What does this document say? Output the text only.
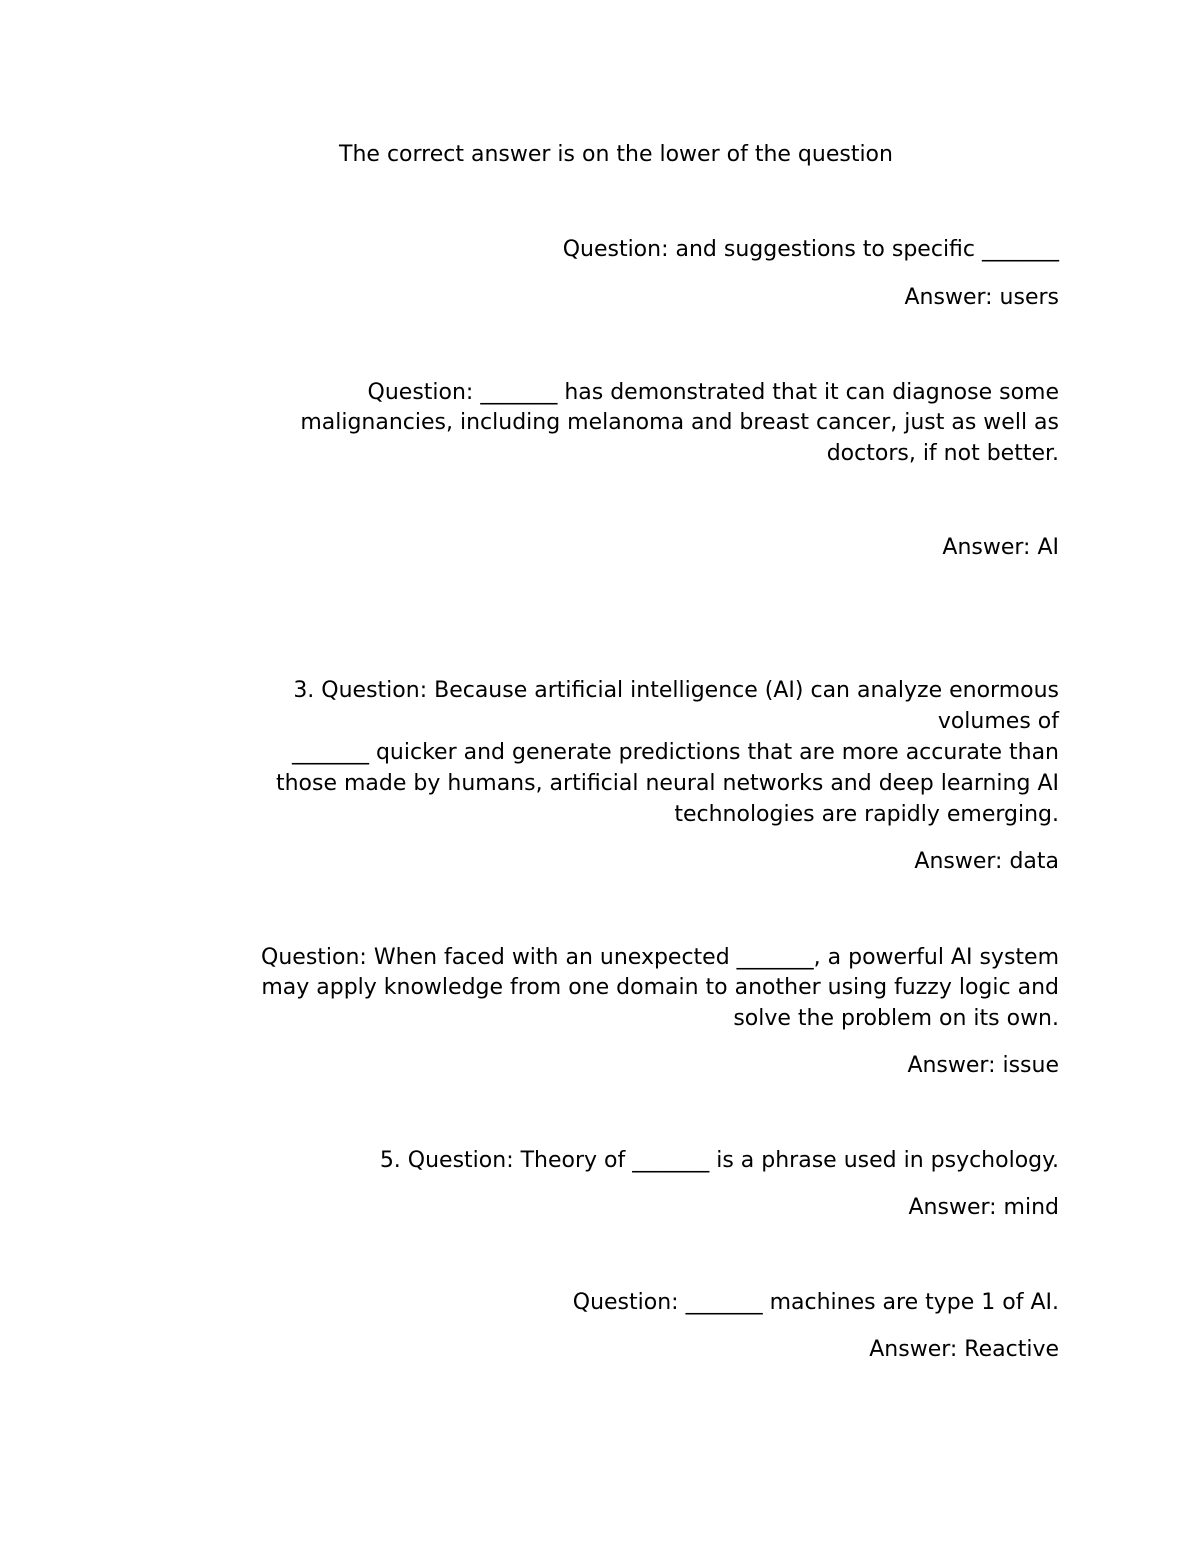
The correct answer is on the lower of the question

Question: and suggestions to specific _______

Answer: users

Question: _______ has demonstrated that it can diagnose some

malignancies, including melanoma and breast cancer, just as well as

doctors, if not better.

Answer: AI

3. Question: Because artificial intelligence (AI) can analyze enormous

volumes of

_______ quicker and generate predictions that are more accurate than

those made by humans, artificial neural networks and deep learning AI

technologies are rapidly emerging.

Answer: data

Question: When faced with an unexpected _______, a powerful AI system

may apply knowledge from one domain to another using fuzzy logic and

solve the problem on its own.

Answer: issue

5. Question: Theory of _______ is a phrase used in psychology.

Answer: mind

Question: _______ machines are type 1 of AI.

Answer: Reactive
